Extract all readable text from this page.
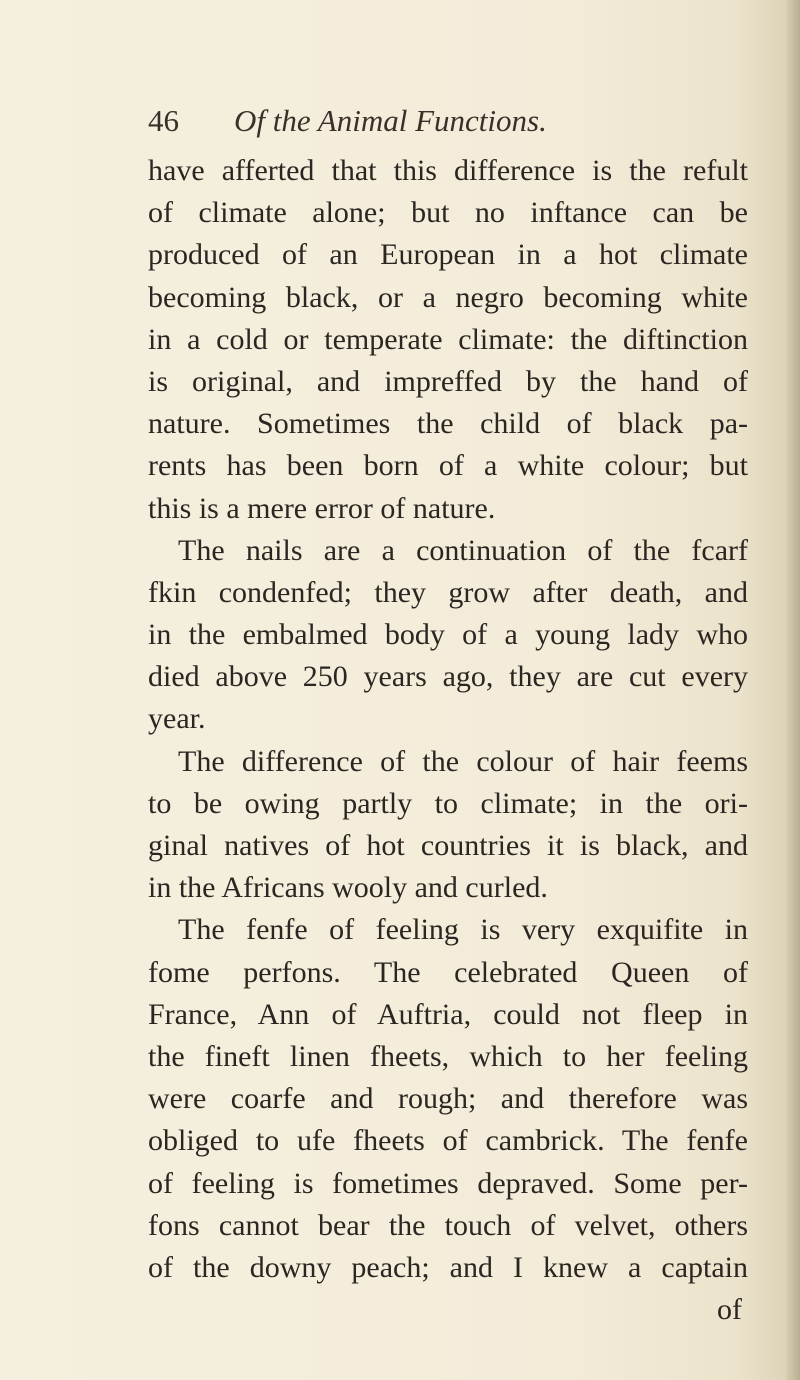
46 Of the Animal Functions.
have afferted that this difference is the refult
of climate alone; but no inftance can be
produced of an European in a hot climate
becoming black, or a negro becoming white
in a cold or temperate climate: the diftinction
is original, and impreffed by the hand of
nature. Sometimes the child of black pa-
rents has been born of a white colour; but
this is a mere error of nature.
The nails are a continuation of the fcarf
fkin condenfed; they grow after death, and
in the embalmed body of a young lady who
died above 250 years ago, they are cut every
year.
The difference of the colour of hair feems
to be owing partly to climate; in the ori-
ginal natives of hot countries it is black, and
in the Africans wooly and curled.
The fenfe of feeling is very exquifite in
fome perfons. The celebrated Queen of
France, Ann of Auftria, could not fleep in
the fineft linen fheets, which to her feeling
were coarfe and rough; and therefore was
obliged to ufe fheets of cambrick. The fenfe
of feeling is fometimes depraved. Some per-
fons cannot bear the touch of velvet, others
of the downy peach; and I knew a captain
of
